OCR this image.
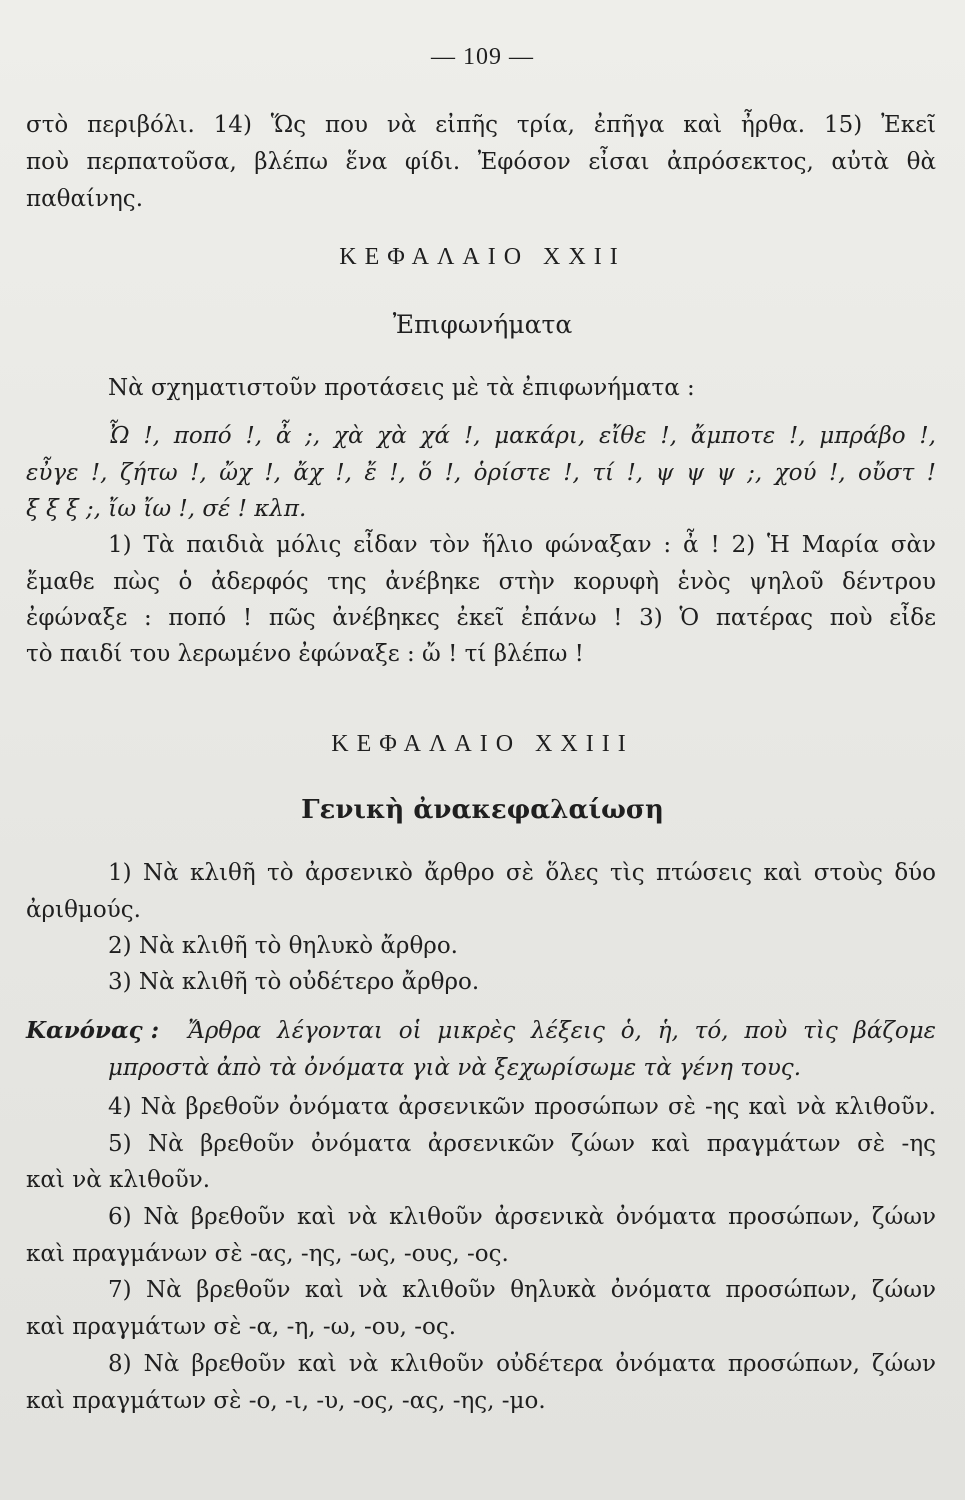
— 109 —
στὸ περιβόλι. 14) Ὥς που νὰ εἰπῆς τρία, ἐπῆγα καὶ ἦρθα. 15) Ἐκεῖ
ποὺ περπατοῦσα, βλέπω ἕνα φίδι. Ἐφόσον εἶσαι ἀπρόσεκτος, αὐτὰ θὰ
παθαίνης.
ΚΕΦΑΛΑΙΟ XXII
Ἐπιφωνήματα
Νὰ σχηματιστοῦν προτάσεις μὲ τὰ ἐπιφωνήματα :
Ὦ !, ποπό !, ἆ ;, χὰ χὰ χά !, μακάρι, εἴθε !, ἄμποτε !, μπράβο !,
εὖγε !, ζήτω !, ὤχ !, ἄχ !, ἔ !, ὅ !, ὁρίστε !, τί !, ψ ψ ψ ;, χού !, οὔστ !
ξ ξ ξ ;, ἴω ἴω !, σέ ! κλπ.
1) Τὰ παιδιὰ μόλις εἶδαν τὸν ἥλιο φώναξαν : ἆ ! 2) Ἡ Μαρία σὰν
ἔμαθε πὼς ὁ ἀδερφός της ἀνέβηκε στὴν κορυφὴ ἑνὸς ψηλοῦ δέντρου
ἐφώναξε : ποπό ! πῶς ἀνέβηκες ἐκεῖ ἐπάνω ! 3) Ὁ πατέρας ποὺ εἶδε
τὸ παιδί του λερωμένο ἐφώναξε : ὤ ! τί βλέπω !
ΚΕΦΑΛΑΙΟ XXIII
Γενικὴ ἀνακεφαλαίωση
1) Νὰ κλιθῆ τὸ ἀρσενικὸ ἄρθρο σὲ ὅλες τὶς πτώσεις καὶ στοὺς δύο
ἀριθμούς.
2) Νὰ κλιθῆ τὸ θηλυκὸ ἄρθρο.
3) Νὰ κλιθῆ τὸ οὐδέτερο ἄρθρο.
Κανόνας : Ἄρθρα λέγονται οἱ μικρὲς λέξεις ὁ, ἡ, τό, ποὺ τὶς βάζομε
μπροστὰ ἀπὸ τὰ ὀνόματα γιὰ νὰ ξεχωρίσωμε τὰ γένη τους.
4) Νὰ βρεθοῦν ὀνόματα ἀρσενικῶν προσώπων σὲ -ης καὶ νὰ κλιθοῦν.
5) Νὰ βρεθοῦν ὀνόματα ἀρσενικῶν ζώων καὶ πραγμάτων σὲ -ης
καὶ νὰ κλιθοῦν.
6) Νὰ βρεθοῦν καὶ νὰ κλιθοῦν ἀρσενικὰ ὀνόματα προσώπων, ζώων
καὶ πραγμάνων σὲ -ας, -ης, -ως, -ους, -ος.
7) Νὰ βρεθοῦν καὶ νὰ κλιθοῦν θηλυκὰ ὀνόματα προσώπων, ζώων
καὶ πραγμάτων σὲ -α, -η, -ω, -ου, -ος.
8) Νὰ βρεθοῦν καὶ νὰ κλιθοῦν οὐδέτερα ὀνόματα προσώπων, ζώων
καὶ πραγμάτων σὲ -ο, -ι, -υ, -ος, -ας, -ης, -μο.
